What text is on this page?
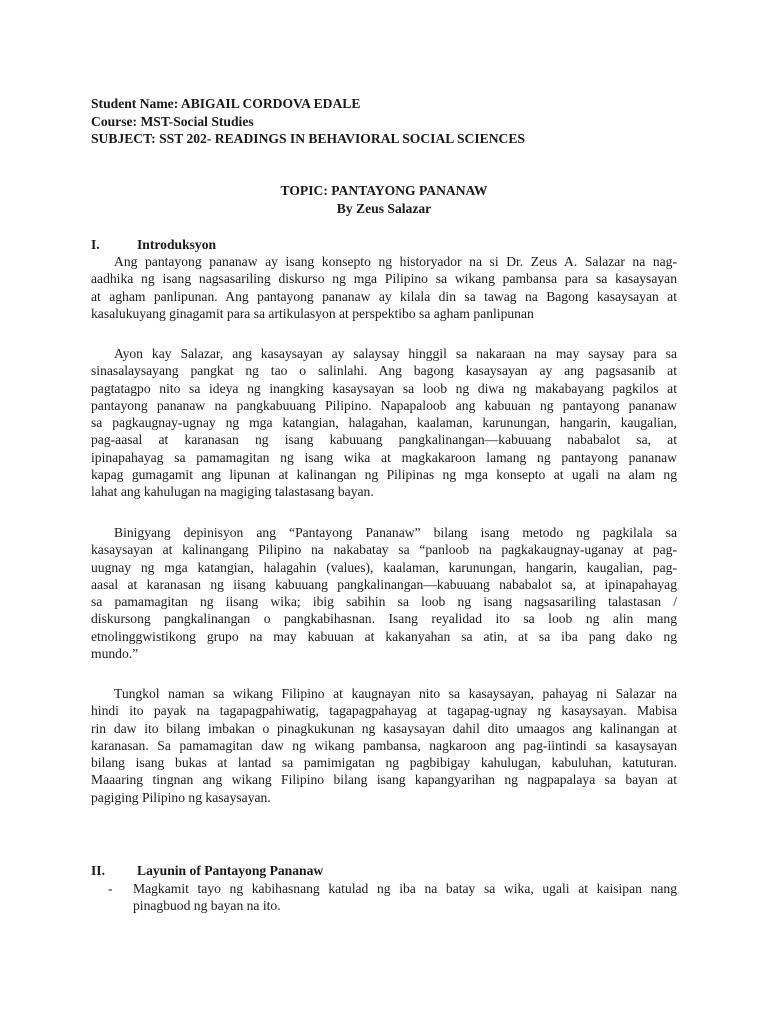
Student Name: ABIGAIL CORDOVA EDALE
Course: MST-Social Studies
SUBJECT: SST 202- READINGS IN BEHAVIORAL SOCIAL SCIENCES
TOPIC: PANTAYONG PANANAW
By Zeus Salazar
I.	Introduksyon
Ang pantayong pananaw ay isang konsepto ng historyador na si Dr. Zeus A. Salazar na nag-
aadhika ng isang nagsasariling diskurso ng mga Pilipino sa wikang pambansa para sa kasaysayan
at agham panlipunan. Ang pantayong pananaw ay kilala din sa tawag na Bagong kasaysayan at
kasalukuyang ginagamit para sa artikulasyon at perspektibo sa agham panlipunan
Ayon kay Salazar, ang kasaysayan ay salaysay hinggil sa nakaraan na may saysay para sa
sinasalaysayang pangkat ng tao o salinlahi. Ang bagong kasaysayan ay ang pagsasanib at
pagtatagpo nito sa ideya ng inangking kasaysayan sa loob ng diwa ng makabayang pagkilos at
pantayong pananaw na pangkabuuang Pilipino. Napapaloob ang kabuuan ng pantayong pananaw
sa pagkaugnay-ugnay ng mga katangian, halagahan, kaalaman, karunungan, hangarin, kaugalian,
pag-aasal at karanasan ng isang kabuuang pangkalinangan—kabuuang nababalot sa, at
ipinapahayag sa pamamagitan ng isang wika at magkakaroon lamang ng pantayong pananaw
kapag gumagamit ang lipunan at kalinangan ng Pilipinas ng mga konsepto at ugali na alam ng
lahat ang kahulugan na magiging talastasang bayan.
Binigyang depinisyon ang “Pantayong Pananaw” bilang isang metodo ng pagkilala sa
kasaysayan at kalinangang Pilipino na nakabatay sa “panloob na pagkakaugnay-uganay at pag-
uugnay ng mga katangian, halagahin (values), kaalaman, karunungan, hangarin, kaugalian, pag-
aasal at karanasan ng iisang kabuuang pangkalinangan—kabuuang nababalot sa, at ipinapahayag
sa pamamagitan ng iisang wika; ibig sabihin sa loob ng isang nagsasariling talastasan /
diskursong pangkalinangan o pangkabihasnan. Isang reyalidad ito sa loob ng alin mang
etnolinggwistikong grupo na may kabuuan at kakanyahan sa atin, at sa iba pang dako ng
mundo.”
Tungkol naman sa wikang Filipino at kaugnayan nito sa kasaysayan, pahayag ni Salazar na
hindi ito payak na tagapagpahiwatig, tagapagpahayag at tagapag-ugnay ng kasaysayan. Mabisa
rin daw ito bilang imbakan o pinagkukunan ng kasaysayan dahil dito umaagos ang kalinangan at
karanasan. Sa pamamagitan daw ng wikang pambansa, nagkaroon ang pag-iintindi sa kasaysayan
bilang isang bukas at lantad sa pamimigatan ng pagbibigay kahulugan, kabuluhan, katuturan.
Maaaring tingnan ang wikang Filipino bilang isang kapangyarihan ng nagpapalaya sa bayan at
pagiging Pilipino ng kasaysayan.
II. Layunin of Pantayong Pananaw
- Magkamit tayo ng kabihasnang katulad ng iba na batay sa wika, ugali at kaisipan nang
pinagbuod ng bayan na ito.
